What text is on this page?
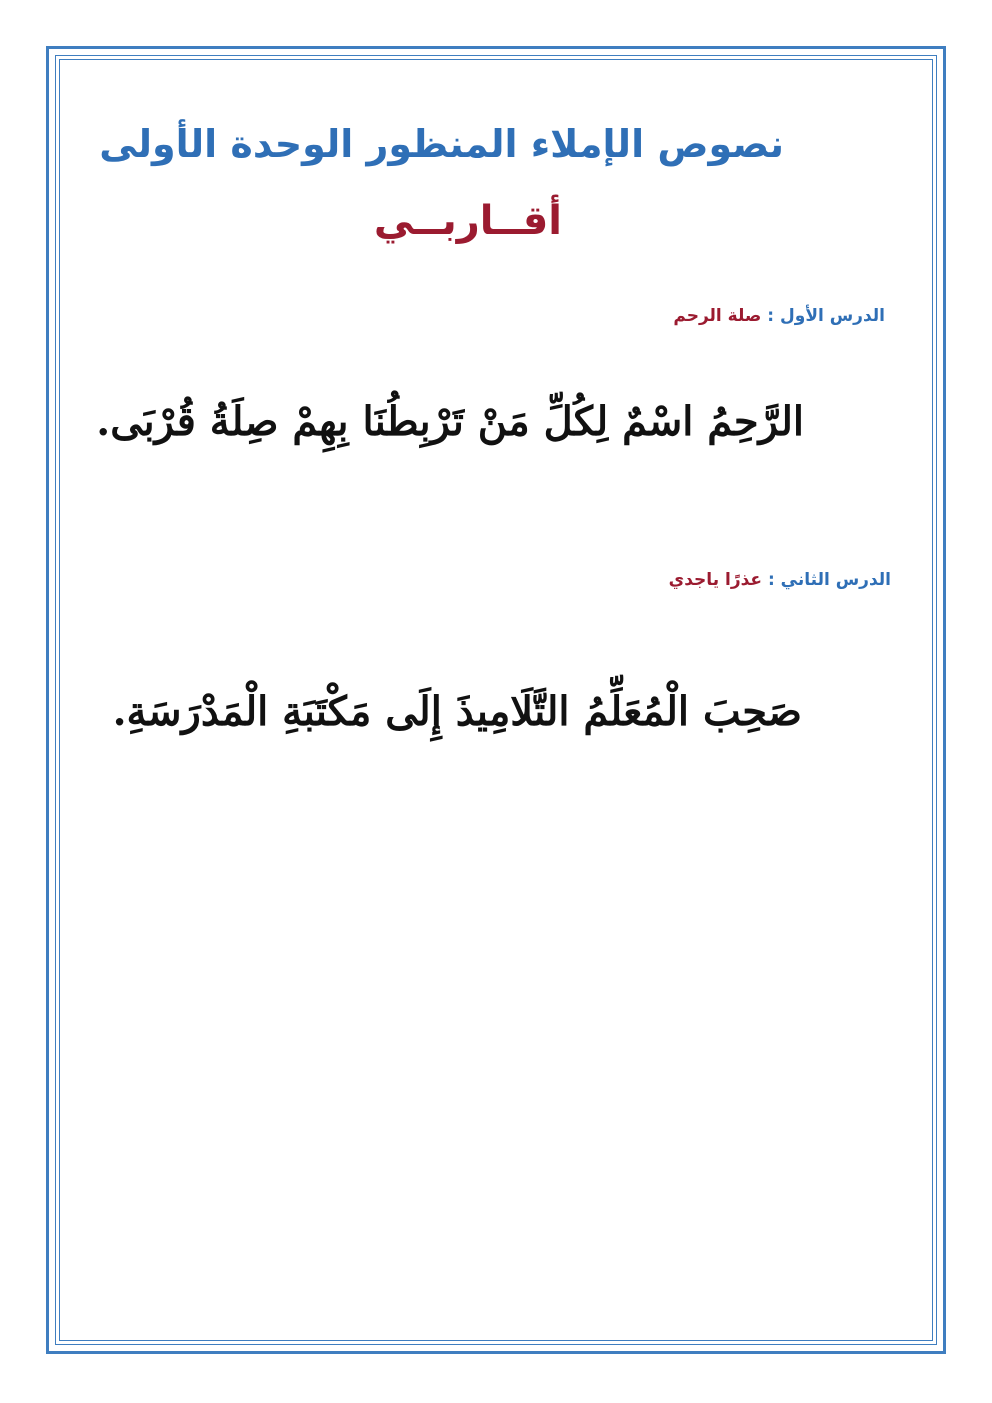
نصوص الإملاء المنظور الوحدة الأولى
أقــاربــي
الدرس الأول : صلة الرحم
الرَّحِمُ اسْمٌ لِكُلِّ مَنْ تَرْبِطُنَا بِهِمْ صِلَةُ قُرْبَى.
الدرس الثاني : عذرًا ياجدي
صَحِبَ الْمُعَلِّمُ التَّلَامِيذَ إِلَى مَكْتَبَةِ الْمَدْرَسَةِ.
